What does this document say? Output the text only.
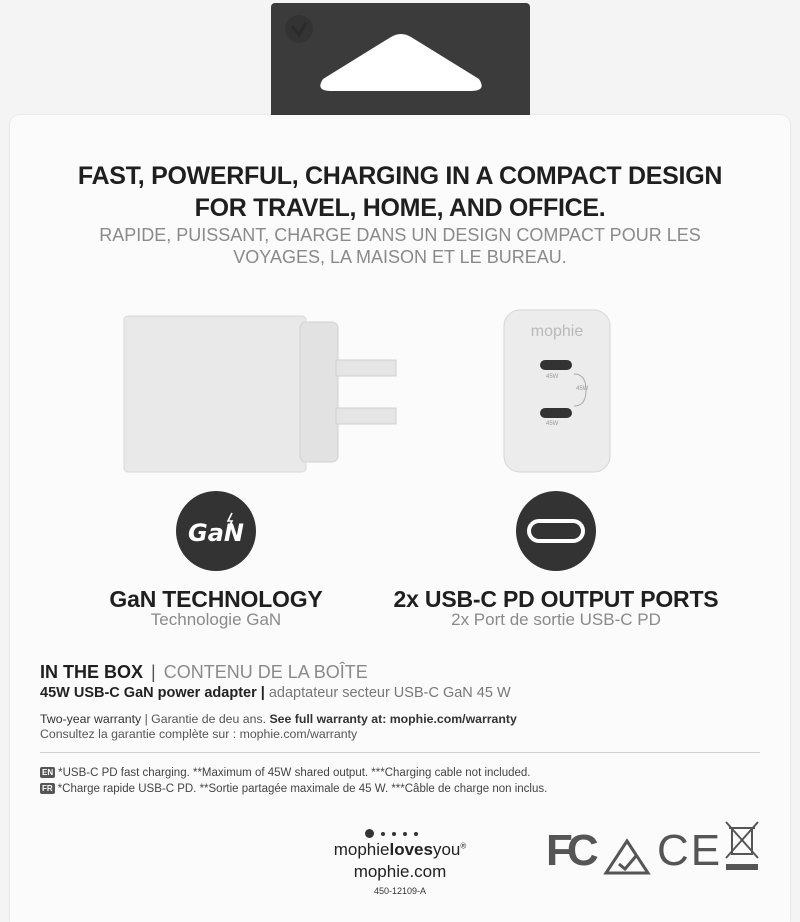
FAST, POWERFUL, CHARGING IN A COMPACT DESIGN
FOR TRAVEL, HOME, AND OFFICE.
RAPIDE, PUISSANT, CHARGE DANS UN DESIGN COMPACT POUR LES
VOYAGES, LA MAISON ET LE BUREAU.
mophie
45W
45W
45W
GaN
GaN TECHNOLOGY
Technologie GaN
2x USB-C PD OUTPUT PORTS
2x Port de sortie USB-C PD
IN THE BOX | CONTENU DE LA BOÎTE
45W USB-C GaN power adapter | adaptateur secteur USB-C GaN 45 W
Two-year warranty | Garantie de deu ans. See full warranty at: mophie.com/warranty
Consultez la garantie complète sur : mophie.com/warranty
EN *USB-C PD fast charging. **Maximum of 45W shared output. ***Charging cable not included.
FR *Charge rapide USB-C PD. **Sortie partagée maximale de 45 W. ***Câble de charge non inclus.
mophielovesyou®
mophie.com
450-12109-A
FC CE
